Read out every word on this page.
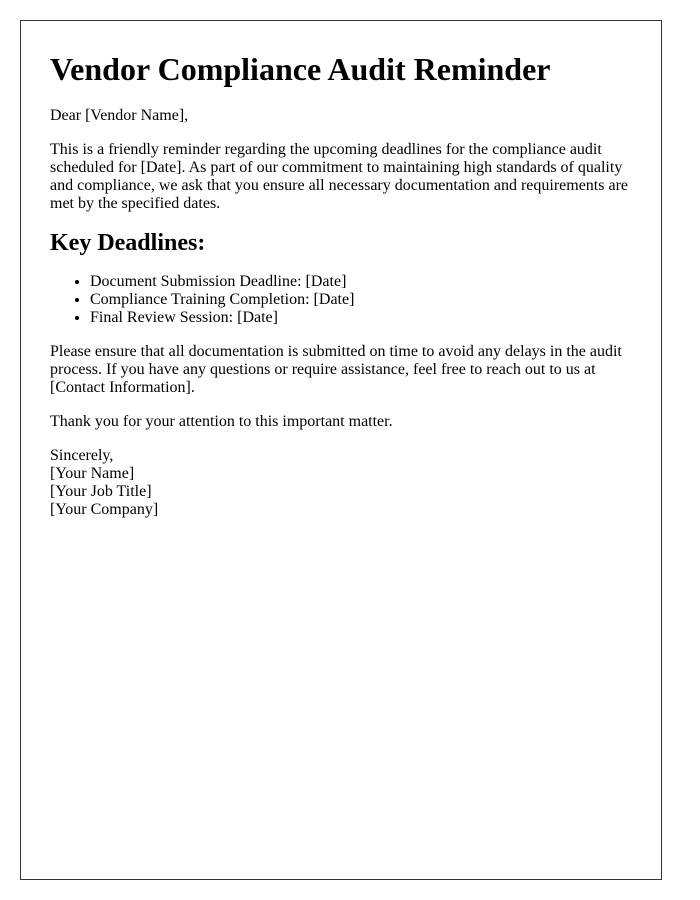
Vendor Compliance Audit Reminder

Dear [Vendor Name],

This is a friendly reminder regarding the upcoming deadlines for the compliance audit scheduled for [Date]. As part of our commitment to maintaining high standards of quality and compliance, we ask that you ensure all necessary documentation and requirements are met by the specified dates.

Key Deadlines:
• Document Submission Deadline: [Date]
• Compliance Training Completion: [Date]
• Final Review Session: [Date]

Please ensure that all documentation is submitted on time to avoid any delays in the audit process. If you have any questions or require assistance, feel free to reach out to us at [Contact Information].

Thank you for your attention to this important matter.

Sincerely,
[Your Name]
[Your Job Title]
[Your Company]
